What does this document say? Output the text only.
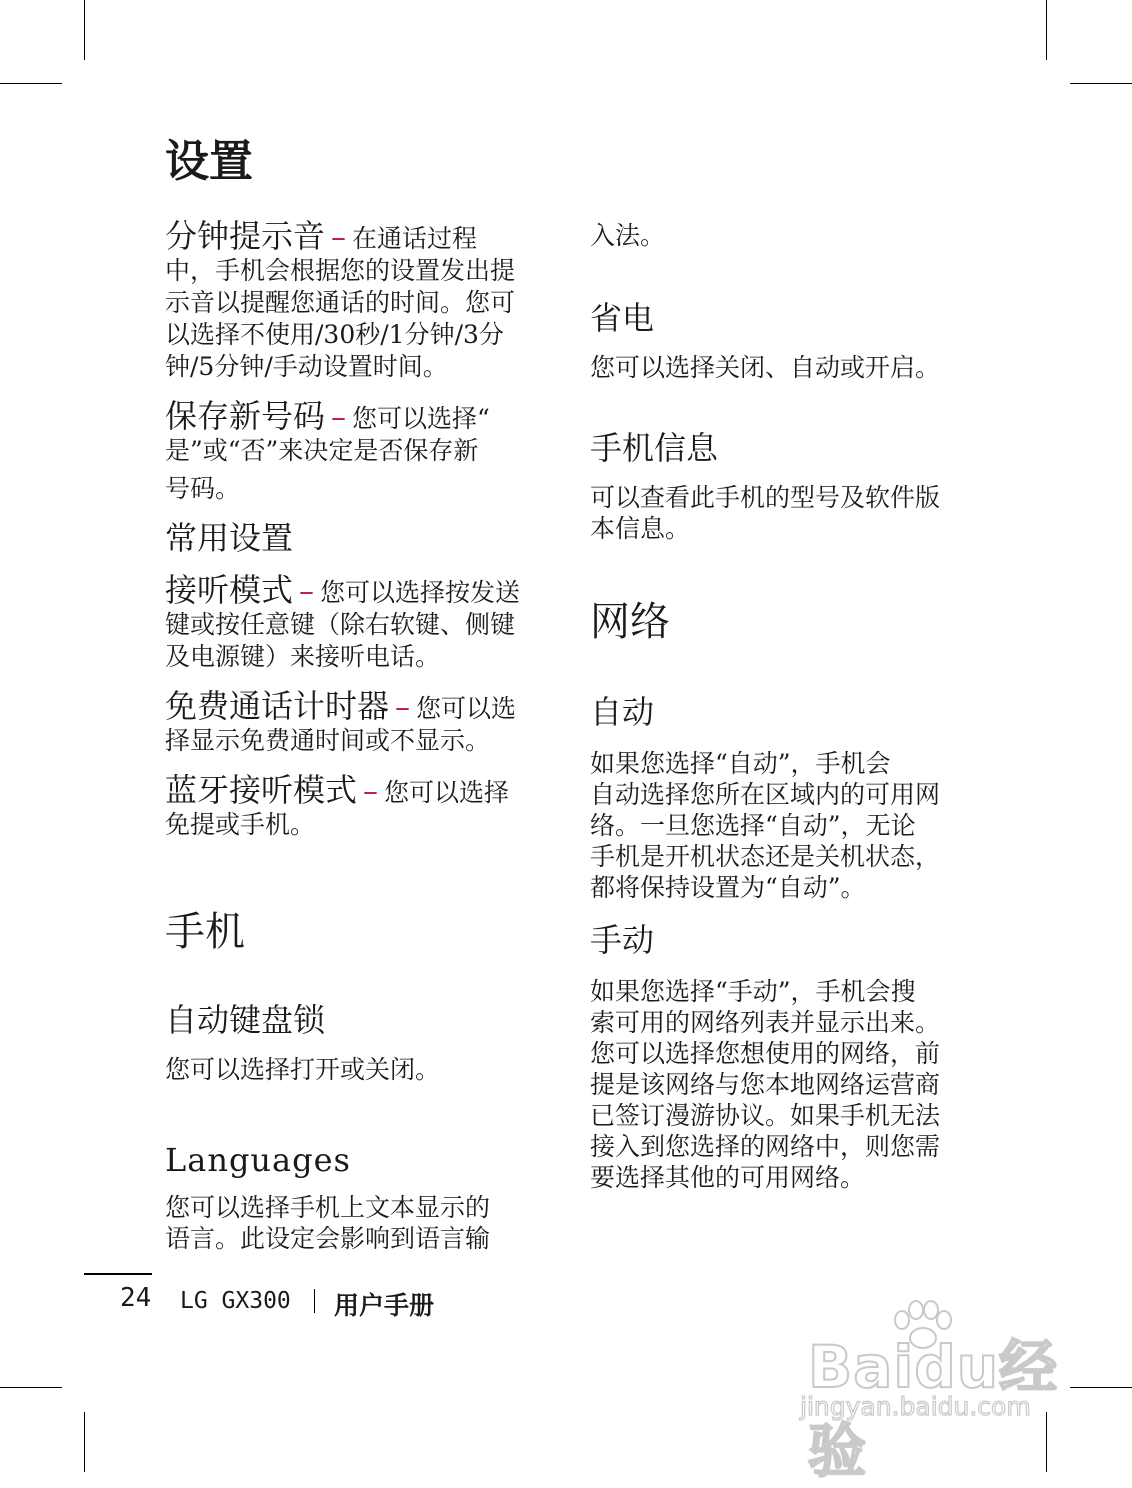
设置
分钟提示音 – 在通话过程
中，手机会根据您的设置发出提
示音以提醒您通话的时间。您可
以选择不使用/30秒/1分钟/3分
钟/5分钟/手动设置时间。
保存新号码 – 您可以选择“
是”或“否”来决定是否保存新
号码。
常用设置
接听模式 – 您可以选择按发送
键或按任意键（除右软键、侧键
及电源键）来接听电话。
免费通话计时器 – 您可以选
择显示免费通时间或不显示。
蓝牙接听模式 – 您可以选择
免提或手机。
手机
自动键盘锁
您可以选择打开或关闭。
Languages
您可以选择手机上文本显示的
语言。此设定会影响到语言输
入法。
省电
您可以选择关闭、自动或开启。
手机信息
可以查看此手机的型号及软件版
本信息。
网络
自动
如果您选择“自动”，手机会
自动选择您所在区域内的可用网
络。一旦您选择“自动”，无论
手机是开机状态还是关机状态，
都将保持设置为“自动”。
手动
如果您选择“手动”，手机会搜
索可用的网络列表并显示出来。
您可以选择您想使用的网络，前
提是该网络与您本地网络运营商
已签订漫游协议。如果手机无法
接入到您选择的网络中，则您需
要选择其他的可用网络。
24 LG GX300 用户手册
Baidu经验
jingyan.baidu.com
